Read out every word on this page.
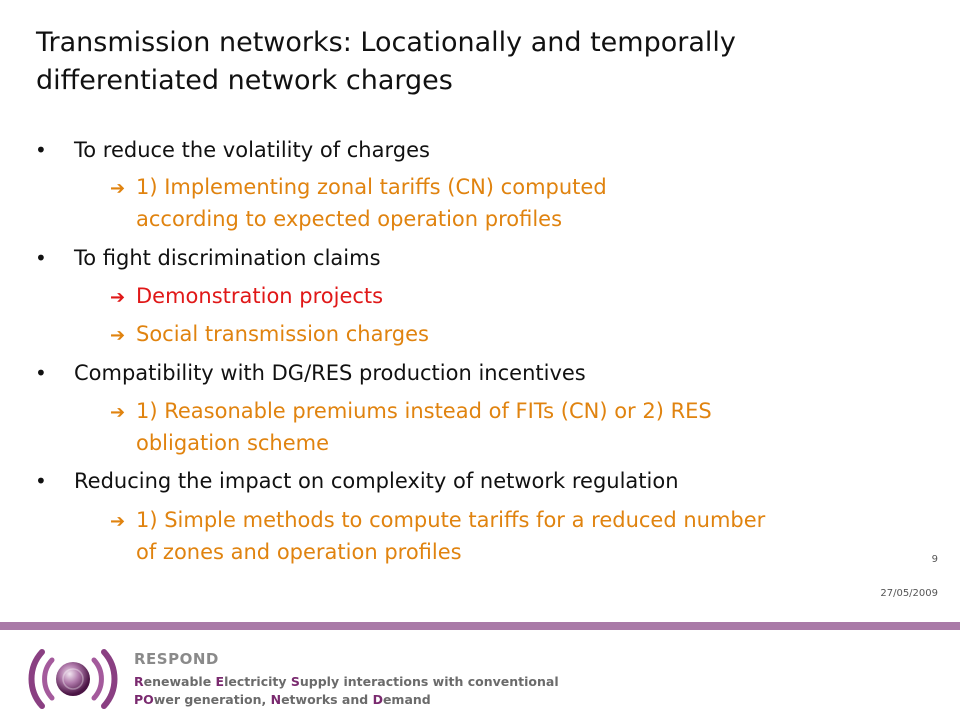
Transmission networks: Locationally and temporally
differentiated network charges
• To reduce the volatility of charges
➔ 1) Implementing zonal tariffs (CN) computed
according to expected operation profiles
• To fight discrimination claims
➔ Demonstration projects
➔ Social transmission charges
• Compatibility with DG/RES production incentives
➔ 1) Reasonable premiums instead of FITs (CN) or 2) RES
obligation scheme
• Reducing the impact on complexity of network regulation
➔ 1) Simple methods to compute tariffs for a reduced number
of zones and operation profiles	9
27/05/2009
RESPOND
Renewable Electricity Supply interactions with conventional
POwer generation, Networks and Demand
